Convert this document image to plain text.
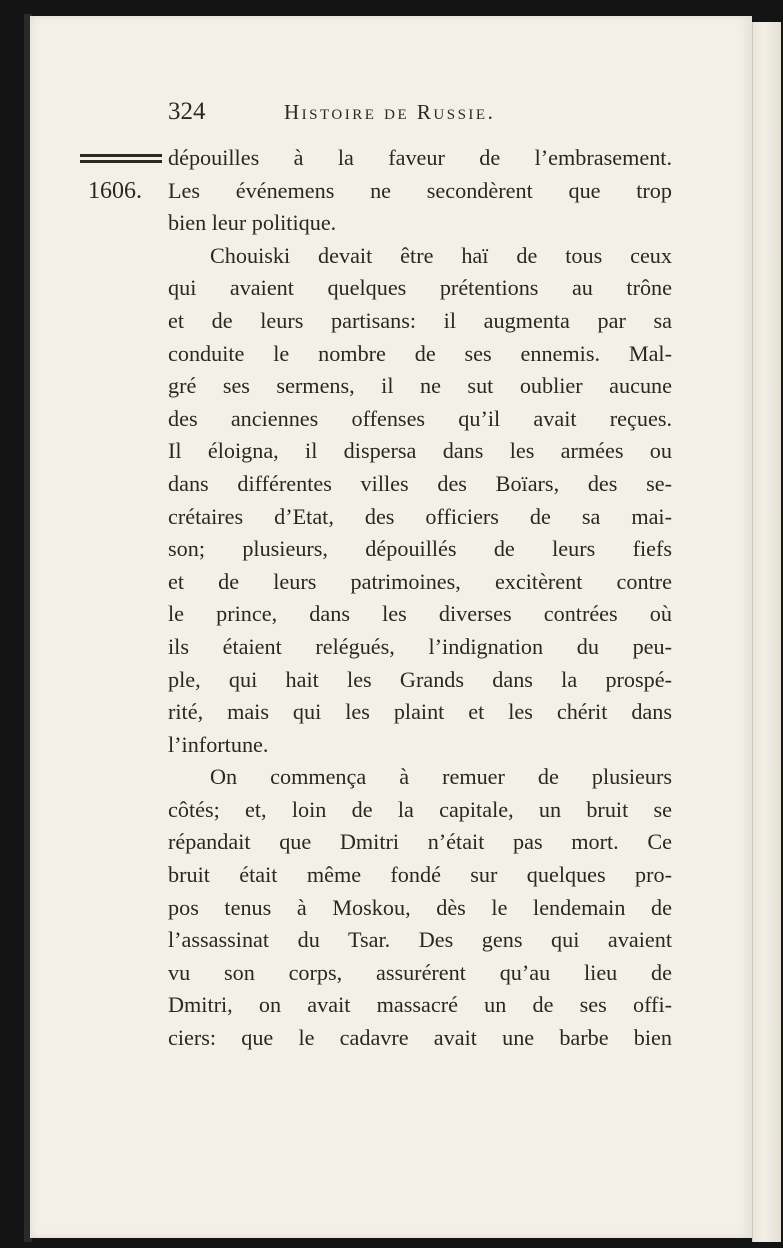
324	Histoire de Russie.
1606.
dépouilles à la faveur de l’embrasement.
Les événemens ne secondèrent que trop
bien leur politique.
Chouiski devait être haï de tous ceux
qui avaient quelques prétentions au trône
et de leurs partisans: il augmenta par sa
conduite le nombre de ses ennemis. Mal-
gré ses sermens, il ne sut oublier aucune
des anciennes offenses qu’il avait reçues.
Il éloigna, il dispersa dans les armées ou
dans différentes villes des Boïars, des se-
crétaires d’Etat, des officiers de sa mai-
son; plusieurs, dépouillés de leurs fiefs
et de leurs patrimoines, excitèrent contre
le prince, dans les diverses contrées où
ils étaient relégués, l’indignation du peu-
ple, qui hait les Grands dans la prospé-
rité, mais qui les plaint et les chérit dans
l’infortune.
On commença à remuer de plusieurs
côtés; et, loin de la capitale, un bruit se
répandait que Dmitri n’était pas mort. Ce
bruit était même fondé sur quelques pro-
pos tenus à Moskou, dès le lendemain de
l’assassinat du Tsar. Des gens qui avaient
vu son corps, assurérent qu’au lieu de
Dmitri, on avait massacré un de ses offi-
ciers: que le cadavre avait une barbe bien
